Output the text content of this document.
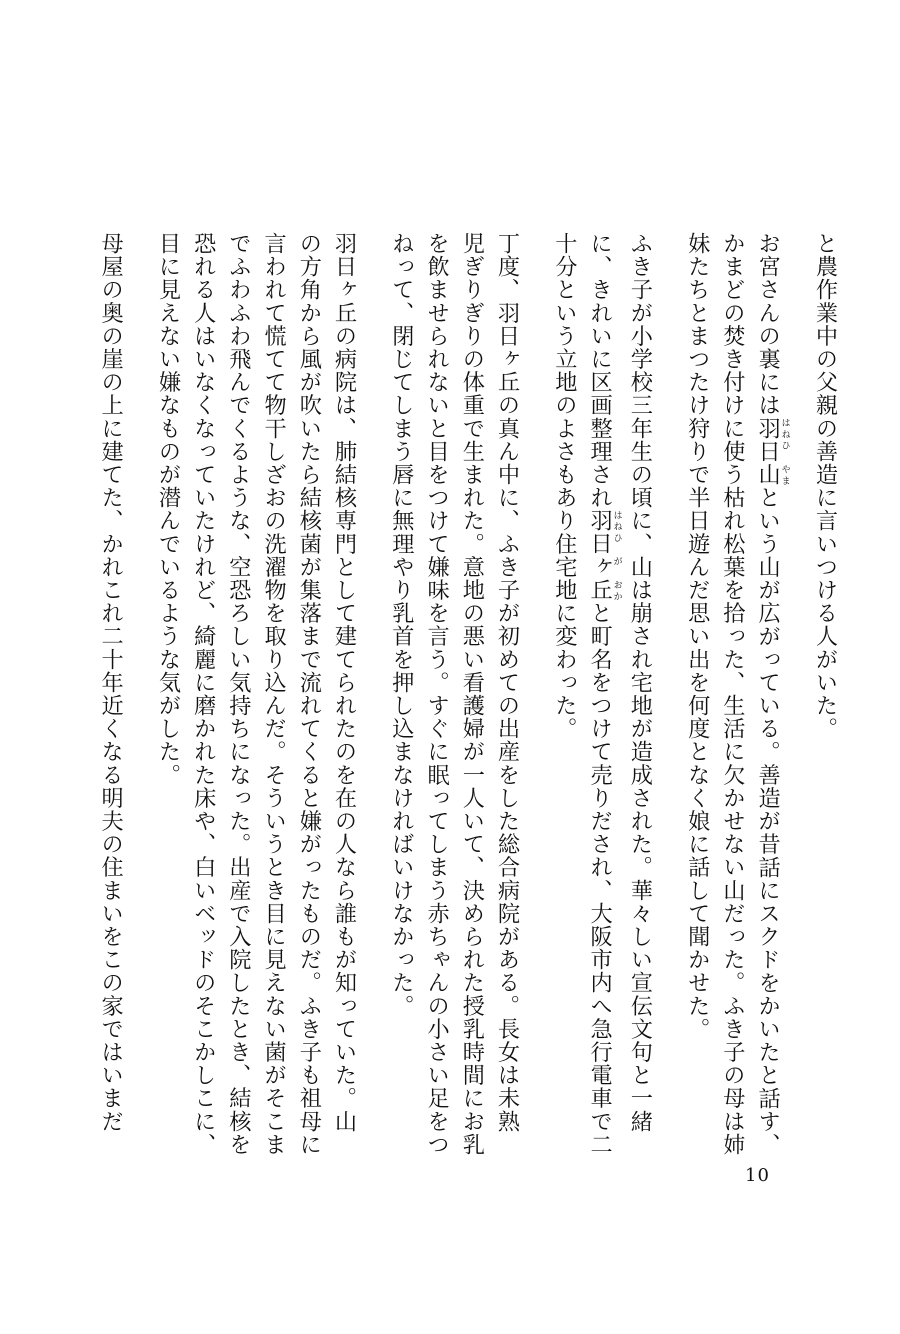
と農作業中の父親の善造に言いつける人がいた。
お宮さんの裏には羽日山 はねひ やまという山が広がっている。善造が昔話にスクドをかいたと話す、
かまどの焚き付けに使う枯れ松葉を拾った、生活に欠かせない山だった。ふき子の母は姉
妹たちとまつたけ狩りで半日遊んだ思い出を何度となく娘に話して聞かせた。
ふき子が小学校三年生の頃に、山は崩され宅地が造成された。華々しい宣伝文句と一緒
に、きれいに区画整理され羽日ヶ丘 はねひ が おかと町名をつけて売りだされ、大阪市内へ急行電車で二
十分という立地のよさもあり住宅地に変わった。
丁度、羽日ヶ丘の真ん中に、ふき子が初めての出産をした総合病院がある。長女は未熟
児ぎりぎりの体重で生まれた。意地の悪い看護婦が一人いて、決められた授乳時間にお乳
を飲ませられないと目をつけて嫌味を言う。すぐに眠ってしまう赤ちゃんの小さい足をつ
ねって、閉じてしまう唇に無理やり乳首を押し込まなければいけなかった。
羽日ヶ丘の病院は、肺結核専門として建てられたのを在の人なら誰もが知っていた。山
の方角から風が吹いたら結核菌が集落まで流れてくると嫌がったものだ。ふき子も祖母に
言われて慌てて物干しざおの洗濯物を取り込んだ。そういうとき目に見えない菌がそこま
でふわふわ飛んでくるような、空恐ろしい気持ちになった。出産で入院したとき、結核を
恐れる人はいなくなっていたけれど、綺麗に磨かれた床や、白いベッドのそこかしこに、
目に見えない嫌なものが潜んでいるような気がした。
母屋の奥の崖の上に建てた、かれこれ二十年近くなる明夫の住まいをこの家ではいまだ
10
